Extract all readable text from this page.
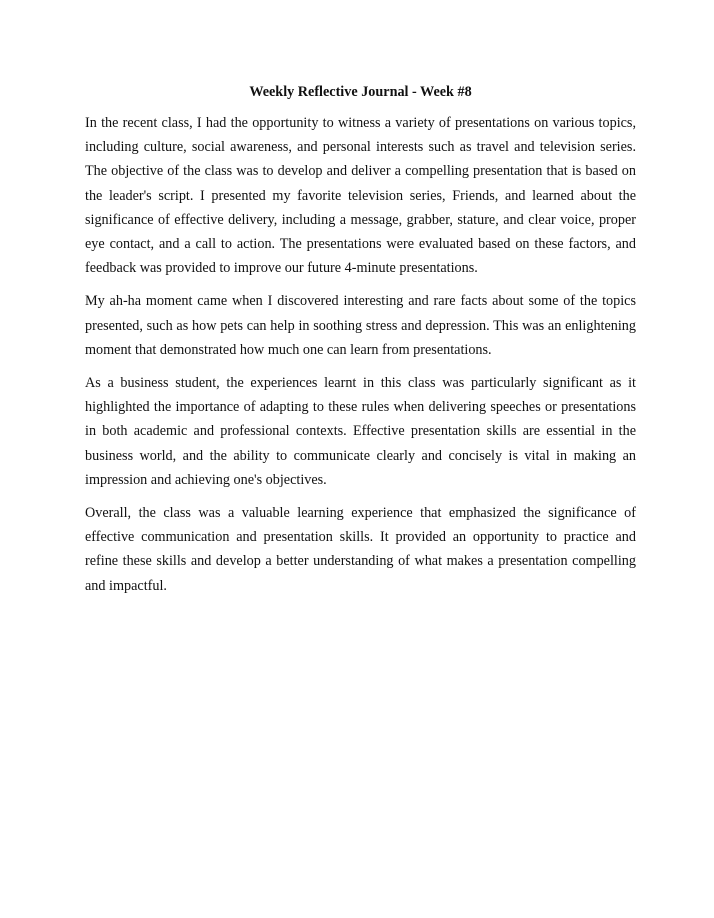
Weekly Reflective Journal - Week #8

In the recent class, I had the opportunity to witness a variety of presentations on various topics, including culture, social awareness, and personal interests such as travel and television series. The objective of the class was to develop and deliver a compelling presentation that is based on the leader's script. I presented my favorite television series, Friends, and learned about the significance of effective delivery, including a message, grabber, stature, and clear voice, proper eye contact, and a call to action. The presentations were evaluated based on these factors, and feedback was provided to improve our future 4-minute presentations.

My ah-ha moment came when I discovered interesting and rare facts about some of the topics presented, such as how pets can help in soothing stress and depression. This was an enlightening moment that demonstrated how much one can learn from presentations.

As a business student, the experiences learnt in this class was particularly significant as it highlighted the importance of adapting to these rules when delivering speeches or presentations in both academic and professional contexts. Effective presentation skills are essential in the business world, and the ability to communicate clearly and concisely is vital in making an impression and achieving one's objectives.

Overall, the class was a valuable learning experience that emphasized the significance of effective communication and presentation skills. It provided an opportunity to practice and refine these skills and develop a better understanding of what makes a presentation compelling and impactful.
